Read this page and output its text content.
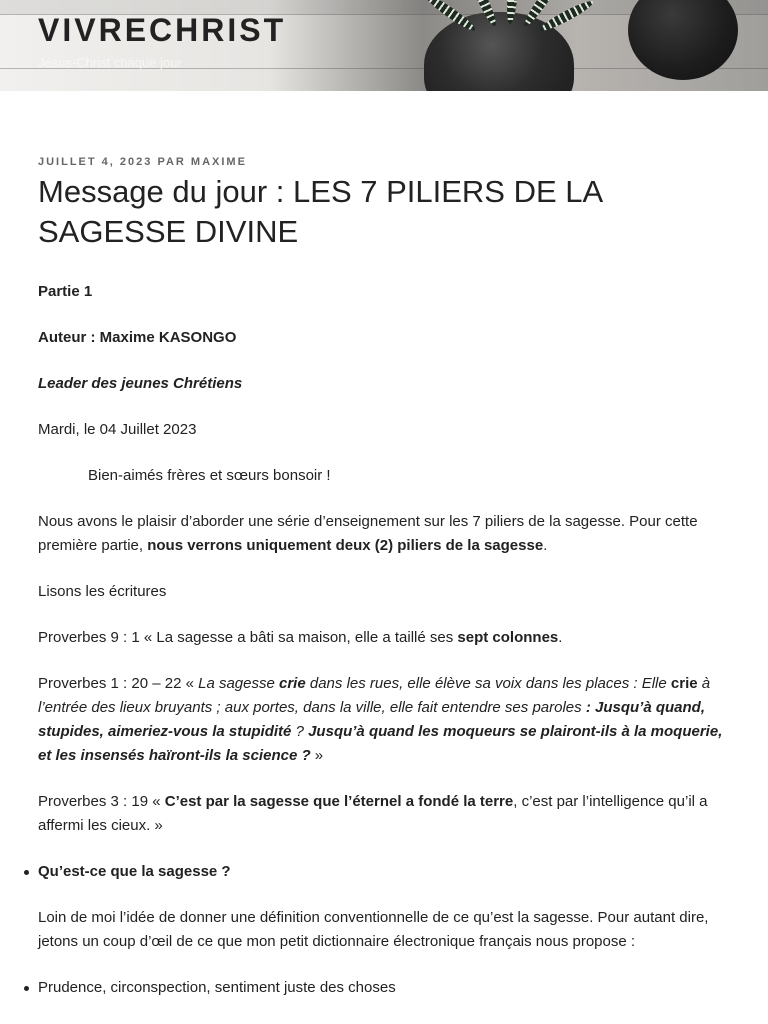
VIVRECHRIST
Jésus-Christ chaque jour
JUILLET 4, 2023 PAR MAXIME
Message du jour : LES 7 PILIERS DE LA SAGESSE DIVINE

Partie 1

Auteur : Maxime KASONGO

Leader des jeunes Chrétiens

Mardi, le 04 Juillet 2023

Bien-aimés frères et sœurs bonsoir !

Nous avons le plaisir d’aborder une série d’enseignement sur les 7 piliers de la sagesse. Pour cette première partie, nous verrons uniquement deux (2) piliers de la sagesse.

Lisons les écritures

Proverbes 9 : 1 « La sagesse a bâti sa maison, elle a taillé ses sept colonnes.

Proverbes 1 : 20 – 22 « La sagesse crie dans les rues, elle élève sa voix dans les places : Elle crie à l’entrée des lieux bruyants ; aux portes, dans la ville, elle fait entendre ses paroles : Jusqu’à quand, stupides, aimeriez-vous la stupidité ? Jusqu’à quand les moqueurs se plairont-ils à la moquerie, et les insensés haïront-ils la science ? »

Proverbes 3 : 19 « C’est par la sagesse que l’éternel a fondé la terre, c’est par l’intelligence qu’il a affermi les cieux. »

Qu’est-ce que la sagesse ?

Loin de moi l’idée de donner une définition conventionnelle de ce qu’est la sagesse. Pour autant dire, jetons un coup d’œil de ce que mon petit dictionnaire électronique français nous propose :

Prudence, circonspection, sentiment juste des choses
